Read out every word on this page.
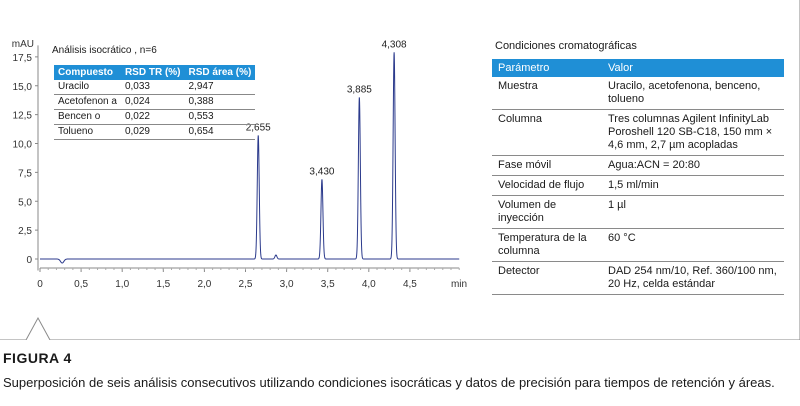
0
2,5
5,0
7,5
10,0
12,5
15,0
17,5
mAU
0	0,5	1,0	1,5	2,0	2,5	3,0	3,5	4,0	4,5	min
2,655
3,430
3,885
4,308
Análisis isocrático , n=6
Compuesto	RSD TR (%)	RSD área (%)
Uracilo	0,033	2,947
Acetofenon a	0,024	0,388
Bencen o	0,022	0,553
Tolueno	0,029	0,654
Condiciones cromatográficas
Parámetro	Valor
Muestra	Uracilo, acetofenona, benceno, tolueno
Columna	Tres columnas Agilent InfinityLab Poroshell 120 SB-C18, 150 mm × 4,6 mm, 2,7 µm acopladas
Fase móvil	Agua:ACN = 20:80
Velocidad de flujo	1,5 ml/min
Volumen de inyección	1 µl
Temperatura de la columna	60 °C
Detector	DAD 254 nm/10, Ref. 360/100 nm, 20 Hz, celda estándar
FIGURA 4
Superposición de seis análisis consecutivos utilizando condiciones isocráticas y datos de precisión para tiempos de retención y áreas.
